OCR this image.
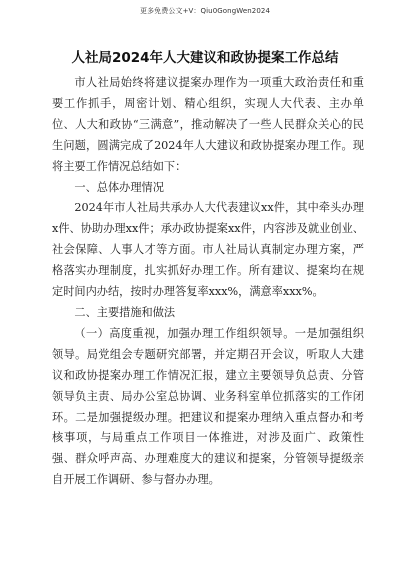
更多免费公文+V：Qiu0GongWen2024
人社局2024年人大建议和政协提案工作总结

市人社局始终将建议提案办理作为一项重大政治责任和重要工作抓手，周密计划、精心组织，实现人大代表、主办单位、人大和政协“三满意”，推动解决了一些人民群众关心的民生问题，圆满完成了2024年人大建议和政协提案办理工作。现将主要工作情况总结如下：

一、总体办理情况

2024年市人社局共承办人大代表建议xx件，其中牵头办理x件、协助办理xx件；承办政协提案xx件，内容涉及就业创业、社会保障、人事人才等方面。市人社局认真制定办理方案，严格落实办理制度，扎实抓好办理工作。所有建议、提案均在规定时间内办结，按时办理答复率xxx%，满意率xxx%。

二、主要措施和做法

（一）高度重视，加强办理工作组织领导。一是加强组织领导。局党组会专题研究部署，并定期召开会议，听取人大建议和政协提案办理工作情况汇报，建立主要领导负总责、分管领导负主责、局办公室总协调、业务科室单位抓落实的工作闭环。二是加强提级办理。把建议和提案办理纳入重点督办和考核事项，与局重点工作项目一体推进，对涉及面广、政策性强、群众呼声高、办理难度大的建议和提案，分管领导提级亲自开展工作调研、参与督办办理。
